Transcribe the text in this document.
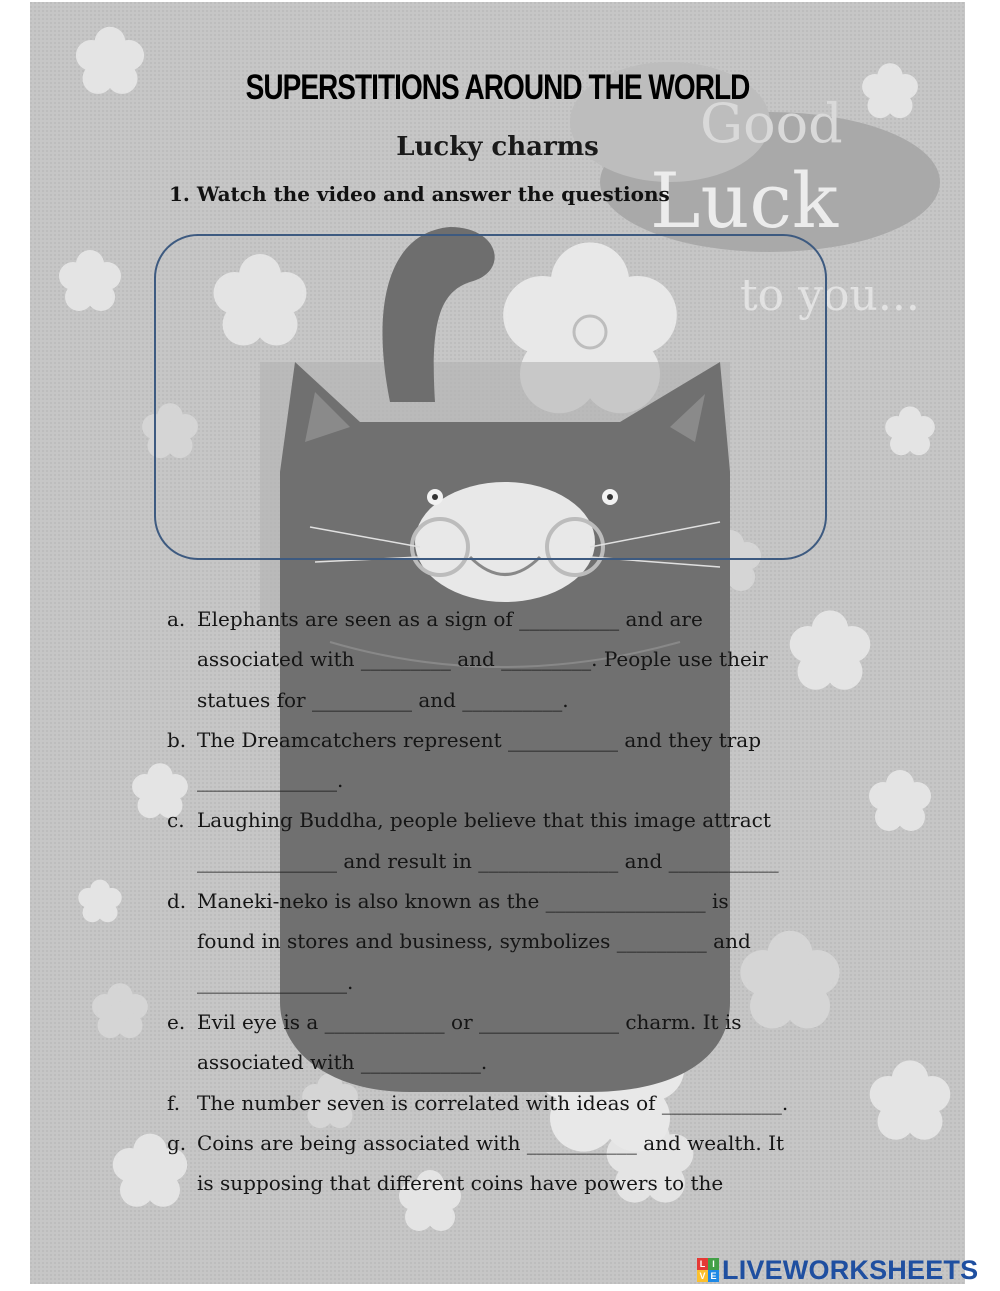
Good
Luck
to you...
SUPERSTITIONS AROUND THE WORLD
Lucky charms

1. Watch the video and answer the questions

a. Elephants are seen as a sign of __________ and are
associated with _________ and _________. People use their
statues for __________ and __________.
b. The Dreamcatchers represent ___________ and they trap
______________.
c. Laughing Buddha, people believe that this image attract
______________ and result in ______________ and ___________
d. Maneki-neko is also known as the ________________ is
found in stores and business, symbolizes _________ and
_______________.
e. Evil eye is a ____________ or ______________ charm. It is
associated with ____________.
f. The number seven is correlated with ideas of ____________.
g. Coins are being associated with ___________ and wealth. It
is supposing that different coins have powers to the
L I
V E LIVEWORKSHEETS
